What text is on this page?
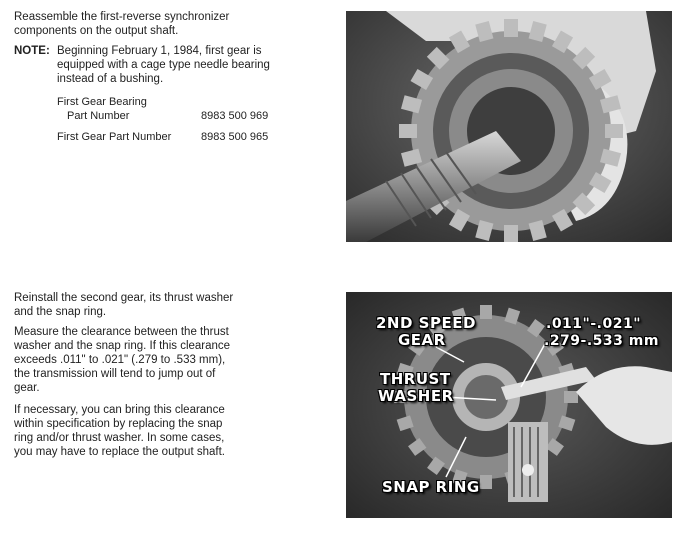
Reassemble the first-reverse synchronizer
components on the output shaft.
NOTE: Beginning February 1, 1984, first gear is
equipped with a cage type needle bearing
instead of a bushing.
First Gear Bearing
Part Number	8983 500 969
First Gear Part Number	8983 500 965
Reinstall the second gear, its thrust washer
and the snap ring.
Measure the clearance between the thrust
washer and the snap ring. If this clearance
exceeds .011" to .021" (.279 to .533 mm),
the transmission will tend to jump out of
gear.
If necessary, you can bring this clearance
within specification by replacing the snap
ring and/or thrust washer. In some cases,
you may have to replace the output shaft.
2ND SPEED
GEAR
THRUST
WASHER
SNAP RING
.011"-.021"
.279-.533 mm
